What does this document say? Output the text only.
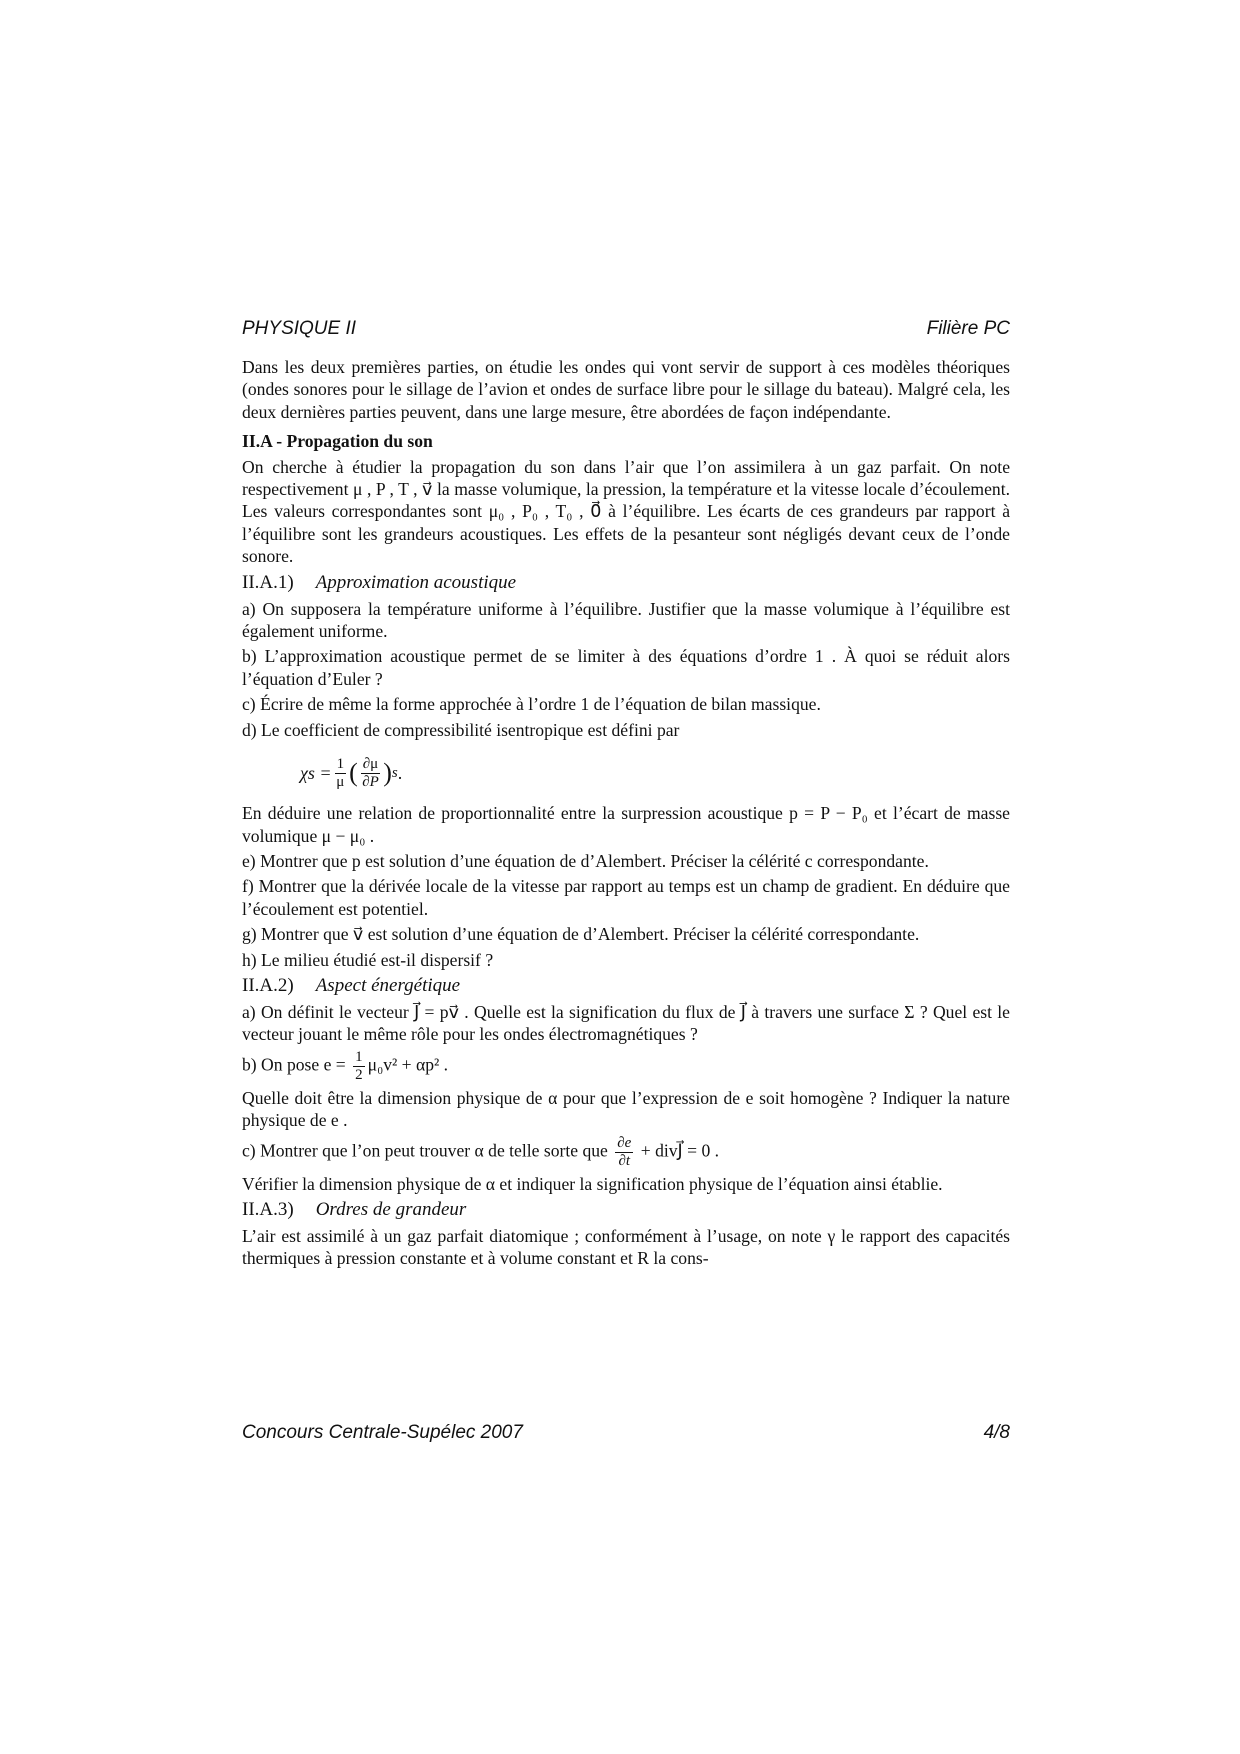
PHYSIQUE II	Filière PC

Dans les deux premières parties, on étudie les ondes qui vont servir de support à ces modèles théoriques (ondes sonores pour le sillage de l’avion et ondes de surface libre pour le sillage du bateau). Malgré cela, les deux dernières parties peuvent, dans une large mesure, être abordées de façon indépendante.

II.A - Propagation du son

On cherche à étudier la propagation du son dans l’air que l’on assimilera à un gaz parfait. On note respectivement μ , P , T , v⃗ la masse volumique, la pression, la température et la vitesse locale d’écoulement. Les valeurs correspondantes sont μ₀ , P₀ , T₀ , 0⃗ à l’équilibre. Les écarts de ces grandeurs par rapport à l’équilibre sont les grandeurs acoustiques. Les effets de la pesanteur sont négligés devant ceux de l’onde sonore.

II.A.1) Approximation acoustique

a) On supposera la température uniforme à l’équilibre. Justifier que la masse volumique à l’équilibre est également uniforme.

b) L’approximation acoustique permet de se limiter à des équations d’ordre 1 . À quoi se réduit alors l’équation d’Euler ?

c) Écrire de même la forme approchée à l’ordre 1 de l’équation de bilan massique.

d) Le coefficient de compressibilité isentropique est défini par

$\chi s = \frac{1}{\mu}$ ( $\frac{\partial\mu}{\partial P}$ ) s .

En déduire une relation de proportionnalité entre la surpression acoustique p = P − P₀ et l’écart de masse volumique μ − μ₀ .

e) Montrer que p est solution d’une équation de d’Alembert. Préciser la célérité c correspondante.

f) Montrer que la dérivée locale de la vitesse par rapport au temps est un champ de gradient. En déduire que l’écoulement est potentiel.

g) Montrer que v⃗ est solution d’une équation de d’Alembert. Préciser la célérité correspondante.

h) Le milieu étudié est-il dispersif ?

II.A.2) Aspect énergétique

a) On définit le vecteur J⃗ = pv⃗ . Quelle est la signification du flux de J⃗ à travers une surface Σ ? Quel est le vecteur jouant le même rôle pour les ondes électromagnétiques ?

b) On pose $e = \frac{1}{2} \mu_0v^2 + \alpha p^2$ .

Quelle doit être la dimension physique de α pour que l’expression de e soit homogène ? Indiquer la nature physique de e .

c) Montrer que l’on peut trouver α de telle sorte que $\frac{\partial e}{\partial t}$ + divJ⃗ = 0 .

Vérifier la dimension physique de α et indiquer la signification physique de l’équation ainsi établie.

II.A.3) Ordres de grandeur

L’air est assimilé à un gaz parfait diatomique ; conformément à l’usage, on note γ le rapport des capacités thermiques à pression constante et à volume constant et R la cons-

Concours Centrale-Supélec 2007	4/8
